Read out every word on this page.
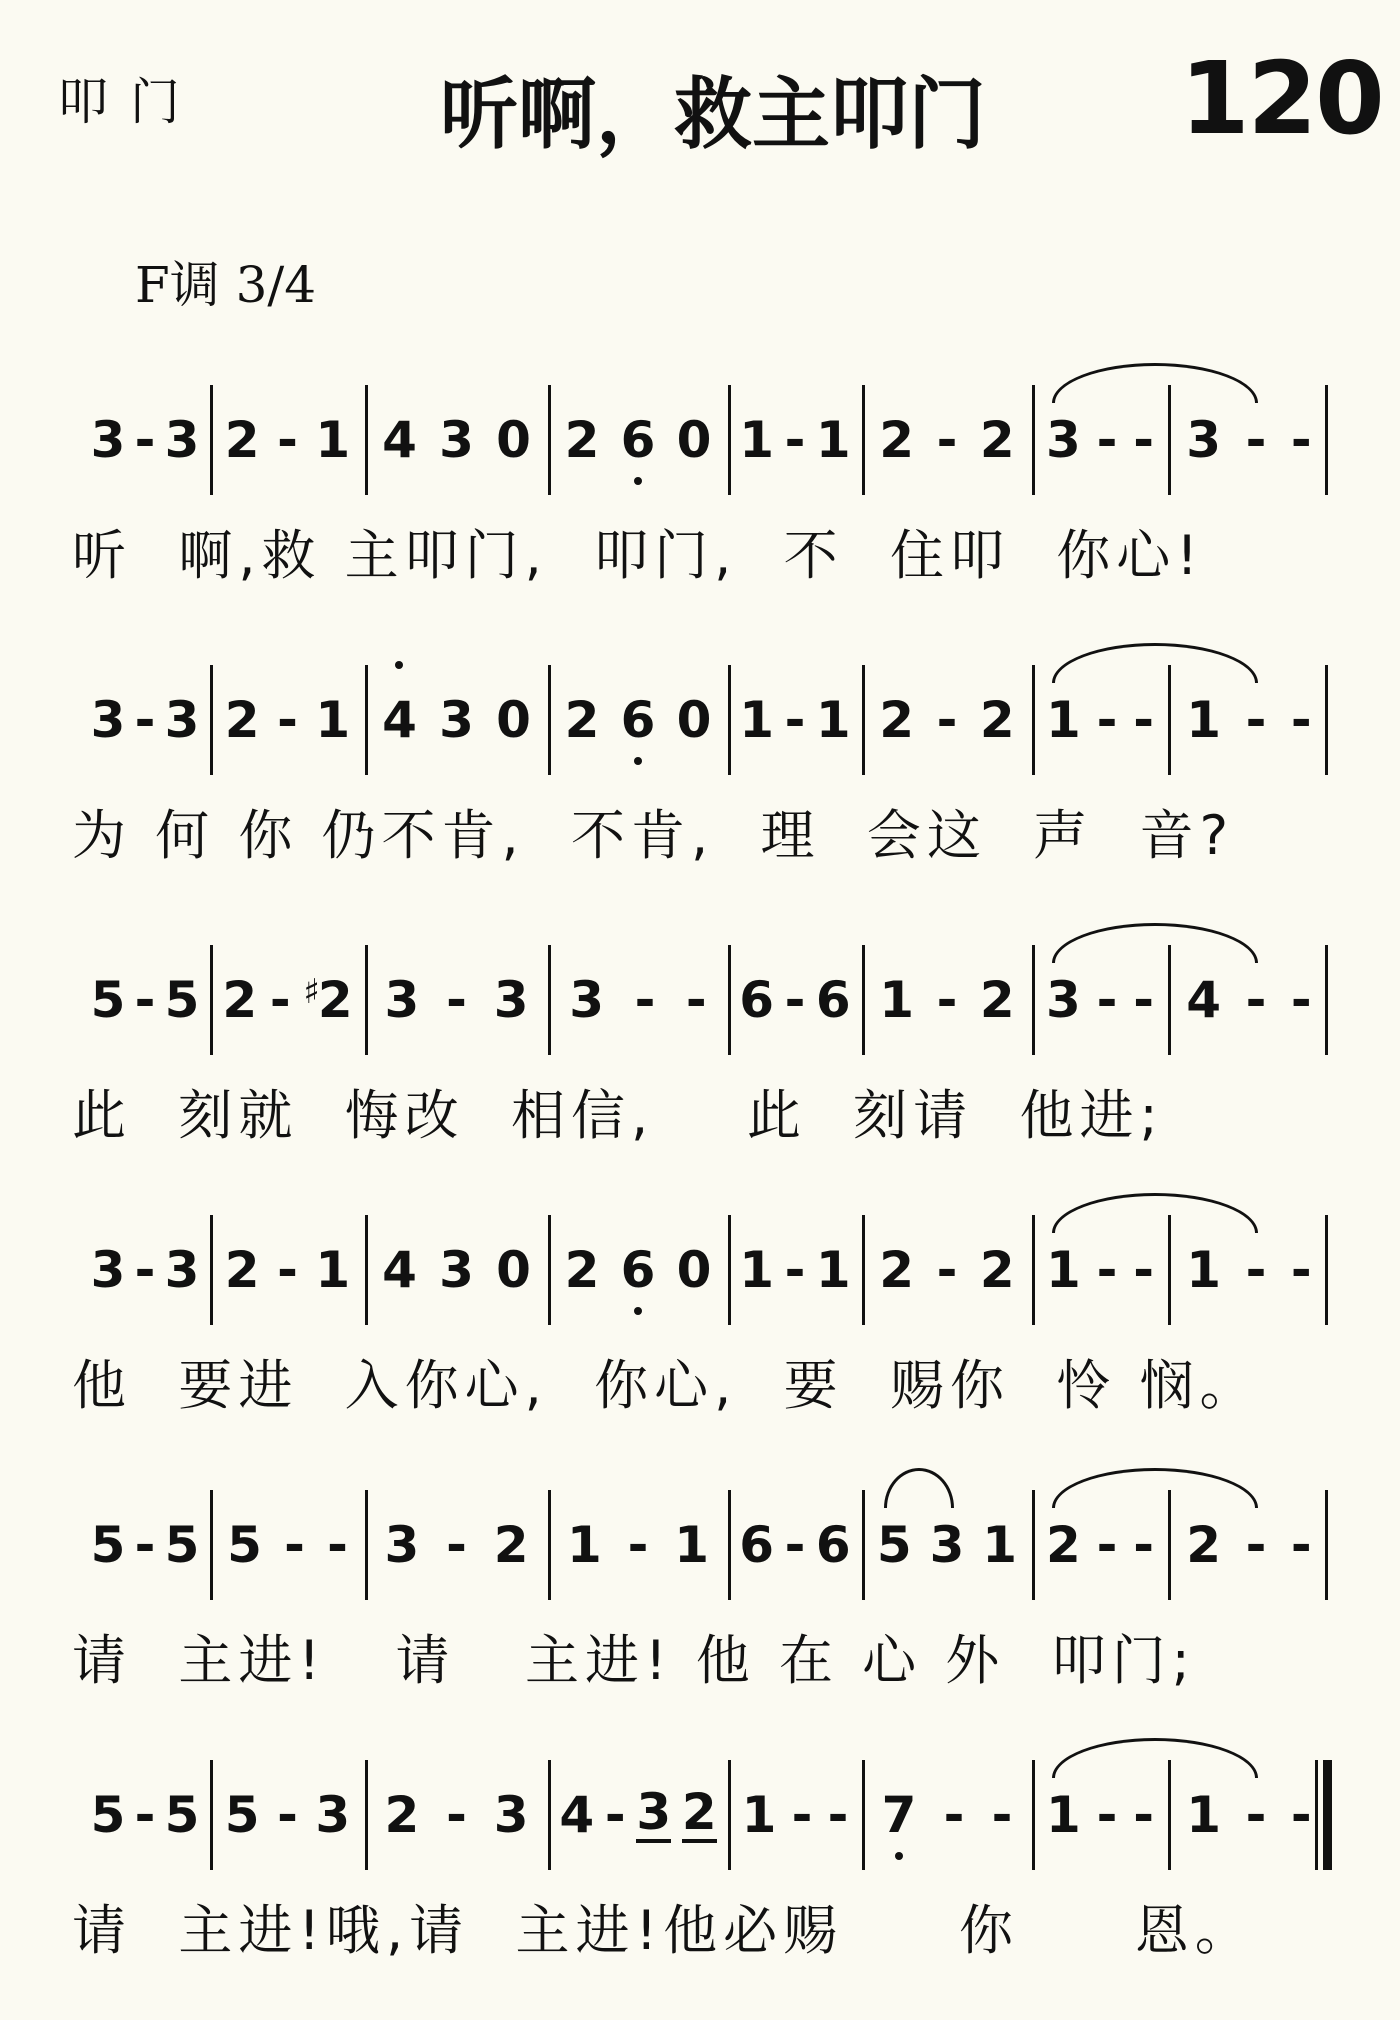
叩门	听啊，救主叩门 120
F调 3/4
3 - 3 2 - 1 4 3 0 2 6 0 1 - 1 2 - 2 3 - - 3 - -
听  啊,救 主叩门,  叩门,  不  住叩  你心!
3 - 3 2 - 1 4 3 0 2 6 0 1 - 1 2 - 2 1 - - 1 - -
为 何 你 仍不肯,  不肯,  理  会这  声  音?
5 - 5 2 - ♯2 3 - 3 3 - - 6 - 6 1 - 2 3 - - 4 - -
此  刻就  悔改  相信,    此  刻请  他进;
3 - 3 2 - 1 4 3 0 2 6 0 1 - 1 2 - 2 1 - - 1 - -
他  要进  入你心,  你心,  要  赐你  怜 悯。
5 - 5 5 - - 3 - 2 1 - 1 6 - 6 5 3 1 2 - - 2 - -
请  主进!   请   主进! 他 在 心 外  叩门;
5 - 5 5 - 3 2 - 3 4 - 3 2 1 - - 7 - - 1 - - 1 - -
请  主进!哦,请  主进!他必赐     你     恩。
